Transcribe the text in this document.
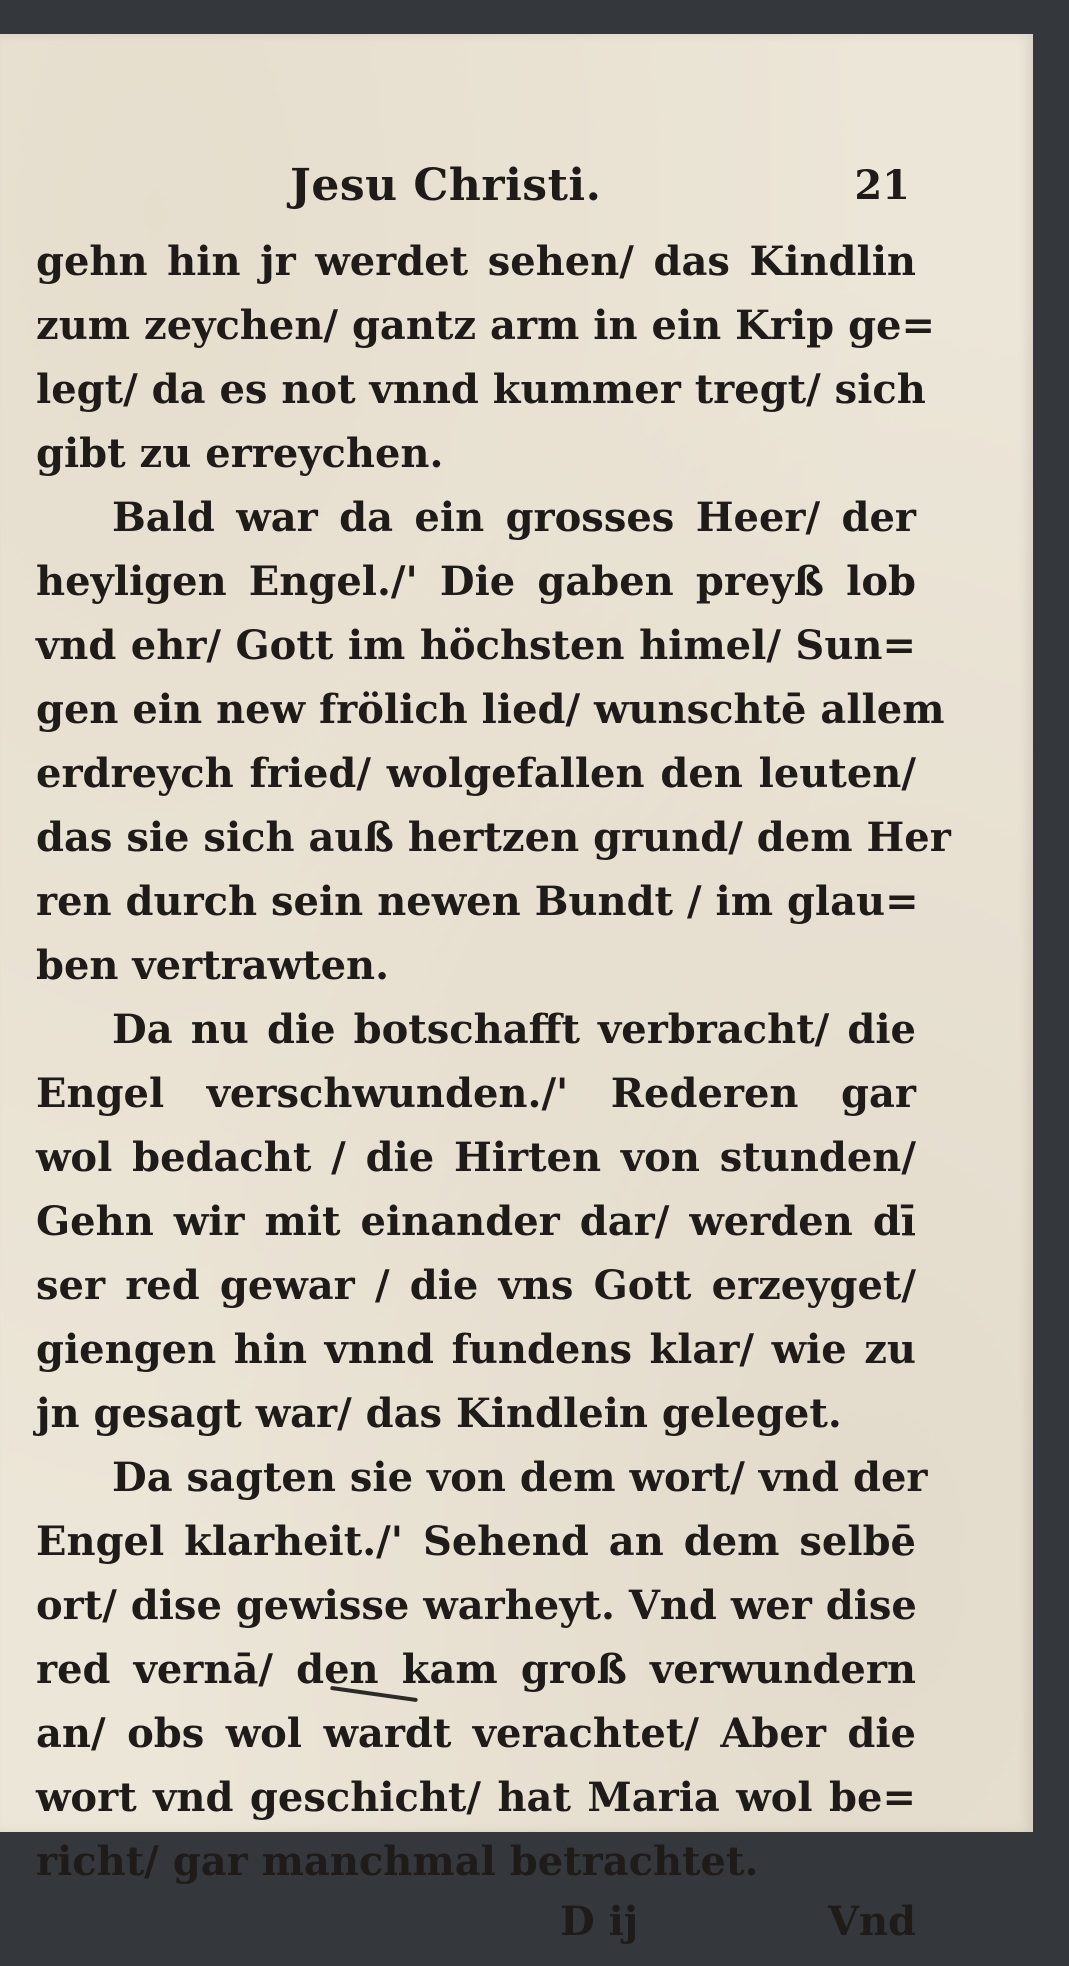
Jesu Christi.	21
gehn hin jr werdet sehen/ das Kindlin
zum zeychen/ gantz arm in ein Krip ge=
legt/ da es not vnnd kummer tregt/ sich
gibt zu erreychen.
Bald war da ein grosses Heer/ der
heyligen Engel./' Die gaben preyß lob
vnd ehr/ Gott im höchsten himel/ Sun=
gen ein new frölich lied/ wunschtē allem
erdreych fried/ wolgefallen den leuten/
das sie sich auß hertzen grund/ dem Her
ren durch sein newen Bundt / im glau=
ben vertrawten.
Da nu die botschafft verbracht/ die
Engel verschwunden./' Rederen gar
wol bedacht / die Hirten von stunden/
Gehn wir mit einander dar/ werden dī
ser red gewar / die vns Gott erzeyget/
giengen hin vnnd fundens klar/ wie zu
jn gesagt war/ das Kindlein geleget.
Da sagten sie von dem wort/ vnd der
Engel klarheit./' Sehend an dem selbē
ort/ dise gewisse warheyt. Vnd wer dise
red vernā/ den kam groß verwundern
an/ obs wol wardt verachtet/ Aber die
wort vnd geschicht/ hat Maria wol be=
richt/ gar manchmal betrachtet.
D ij	Vnd
